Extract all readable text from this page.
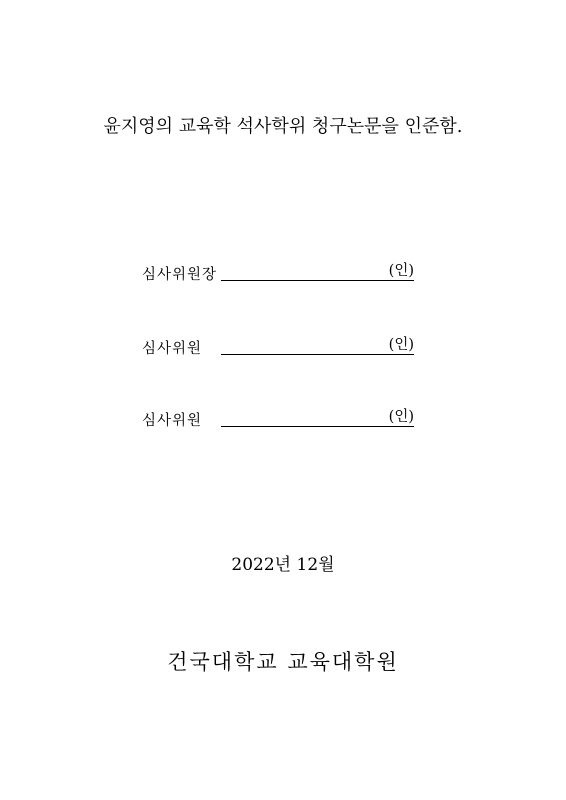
윤지영의 교육학 석사학위 청구논문을 인준함.
심사위원장	(인)
심사위원	(인)
심사위원	(인)
2022년 12월
건국대학교 교육대학원
